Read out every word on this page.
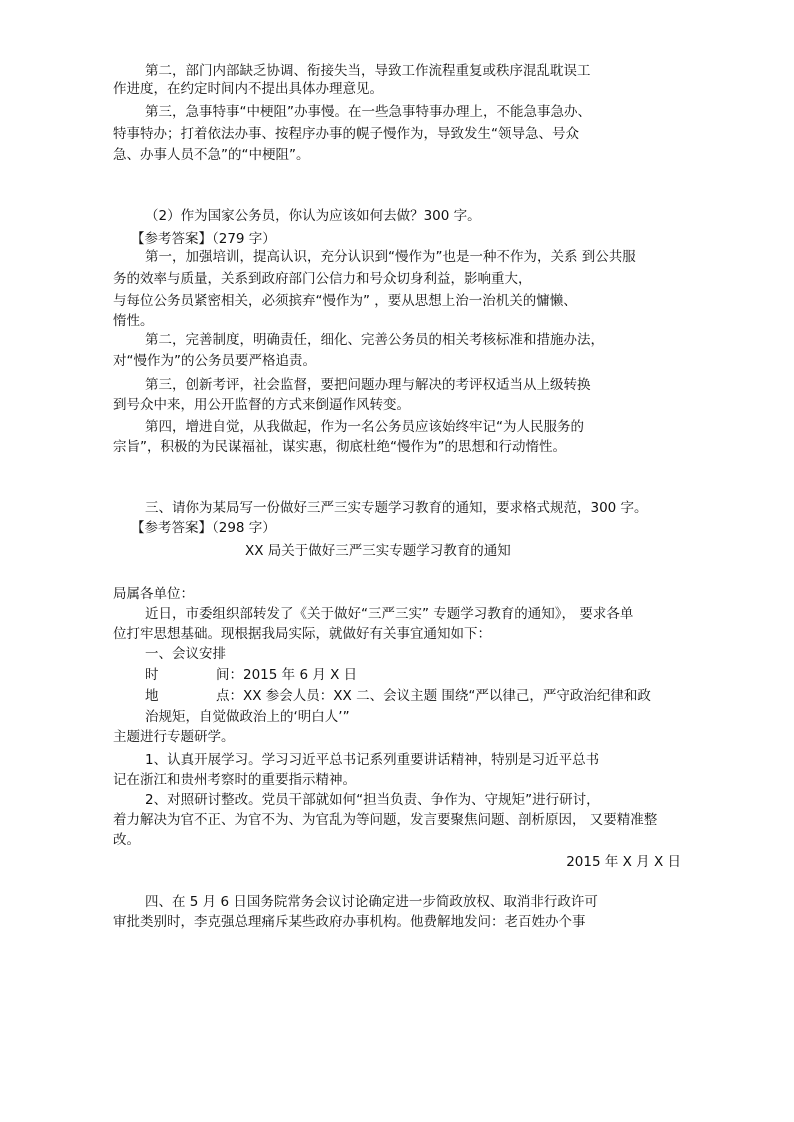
第二，部门内部缺乏协调、衔接失当，导致工作流程重复或秩序混乱耽误工

作进度，在约定时间内不提出具体办理意见。

第三，急事特事“中梗阻”办事慢。在一些急事特事办理上，不能急事急办、

特事特办；打着依法办事、按程序办事的幌子慢作为，导致发生“领导急、号众

急、办事人员不急”的“中梗阻”。

（2）作为国家公务员，你认为应该如何去做？300 字。

【参考答案】（279 字）

第一，加强培训，提高认识，充分认识到“慢作为”也是一种不作为，关系 到公共服

务的效率与质量，关系到政府部门公信力和号众切身利益，影响重大，

与每位公务员紧密相关，必须摈弃“慢作为” ，要从思想上治一治机关的慵懒、

惰性。

第二，完善制度，明确责任，细化、完善公务员的相关考核标准和措施办法，

对“慢作为”的公务员要严格追责。

第三，创新考评，社会监督，要把问题办理与解决的考评权适当从上级转换

到号众中来，用公开监督的方式来倒逼作风转变。

第四，增进自觉，从我做起，作为一名公务员应该始终牢记“为人民服务的

宗旨”，积极的为民谋福祉，谋实惠，彻底杜绝“慢作为”的思想和行动惰性。

三、请你为某局写一份做好三严三实专题学习教育的通知，要求格式规范，300 字。

【参考答案】（298 字）

XX 局关于做好三严三实专题学习教育的通知

局属各单位：

近日，市委组织部转发了《关于做好“三严三实” 专题学习教育的通知》， 要求各单

位打牢思想基础。现根据我局实际，就做好有关事宜通知如下：

一、会议安排

时	间：2015 年 6 月 X 日

地	点：XX 参会人员：XX 二、会议主题 围绕“严以律己，严守政治纪律和政

治规矩，自觉做政治上的‘明白人’”

主题进行专题研学。

1、认真开展学习。学习习近平总书记系列重要讲话精神，特别是习近平总书

记在浙江和贵州考察时的重要指示精神。

2、对照研讨整改。党员干部就如何“担当负责、争作为、守规矩”进行研讨，

着力解决为官不正、为官不为、为官乱为等问题，发言要聚焦问题、剖析原因， 又要精准整

改。

2015 年 X 月 X 日

四、在 5 月 6 日国务院常务会议讨论确定进一步简政放权、取消非行政许可

审批类别时，李克强总理痛斥某些政府办事机构。他费解地发问：老百姓办个事
